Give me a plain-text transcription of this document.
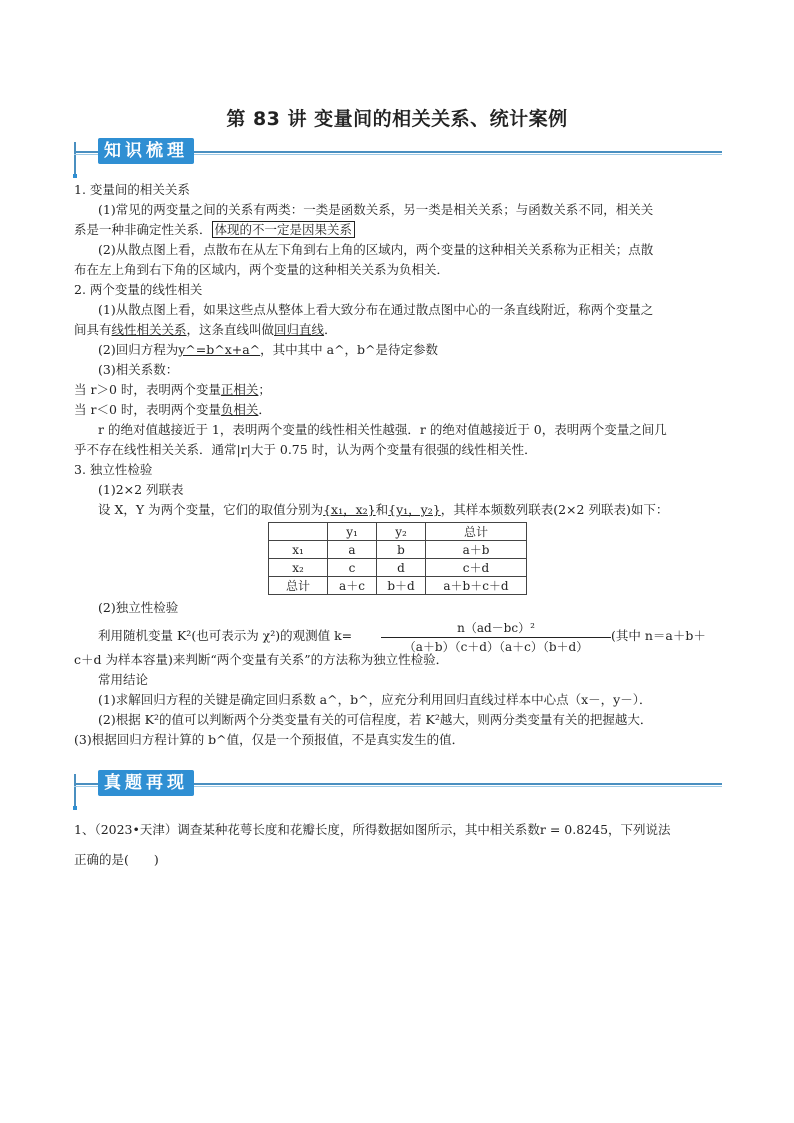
第 83 讲 变量间的相关关系、统计案例
知识梳理

1. 变量间的相关关系

(1)常见的两变量之间的关系有两类：一类是函数关系，另一类是相关关系；与函数关系不同，相关关

系是一种非确定性关系． 体现的不一定是因果关系

(2)从散点图上看，点散布在从左下角到右上角的区域内，两个变量的这种相关关系称为正相关；点散

布在左上角到右下角的区域内，两个变量的这种相关关系为负相关．

2. 两个变量的线性相关

(1)从散点图上看，如果这些点从整体上看大致分布在通过散点图中心的一条直线附近，称两个变量之

间具有线性相关关系，这条直线叫做回归直线．

(2)回归方程为y^=b^x+a^，其中其中 a^，b^是待定参数

(3)相关系数：

当 r＞0 时，表明两个变量正相关；

当 r＜0 时，表明两个变量负相关．

r 的绝对值越接近于 1，表明两个变量的线性相关性越强．r 的绝对值越接近于 0，表明两个变量之间几

乎不存在线性相关关系．通常|r|大于 0.75 时，认为两个变量有很强的线性相关性．

3. 独立性检验

(1)2×2 列联表

设 X，Y 为两个变量，它们的取值分别为{x₁，x₂}和{y₁，y₂}，其样本频数列联表(2×2 列联表)如下：

	y₁	y₂	总计
x₁	a	b	a＋b
x₂	c	d	c＋d
总计	a＋c	b＋d	a＋b＋c＋d

(2)独立性检验

利用随机变量 K²(也可表示为 χ²)的观测值 k=	$\frac{\text{n（ad－bc）²}}{(a+b)(c+d)(a+c)(b+d)}$ (其中 n＝a＋b＋

c＋d 为样本容量)来判断“两个变量有关系”的方法称为独立性检验．

常用结论

(1)求解回归方程的关键是确定回归系数 a^，b^，应充分利用回归直线过样本中心点（x－，y－）．

(2)根据 K²的值可以判断两个分类变量有关的可信程度，若 K²越大，则两分类变量有关的把握越大．

(3)根据回归方程计算的 b^值，仅是一个预报值，不是真实发生的值．

真题再现

1、（2023•天津）调查某种花萼长度和花瓣长度，所得数据如图所示，其中相关系数r = 0.8245，下列说法

正确的是(　　)
